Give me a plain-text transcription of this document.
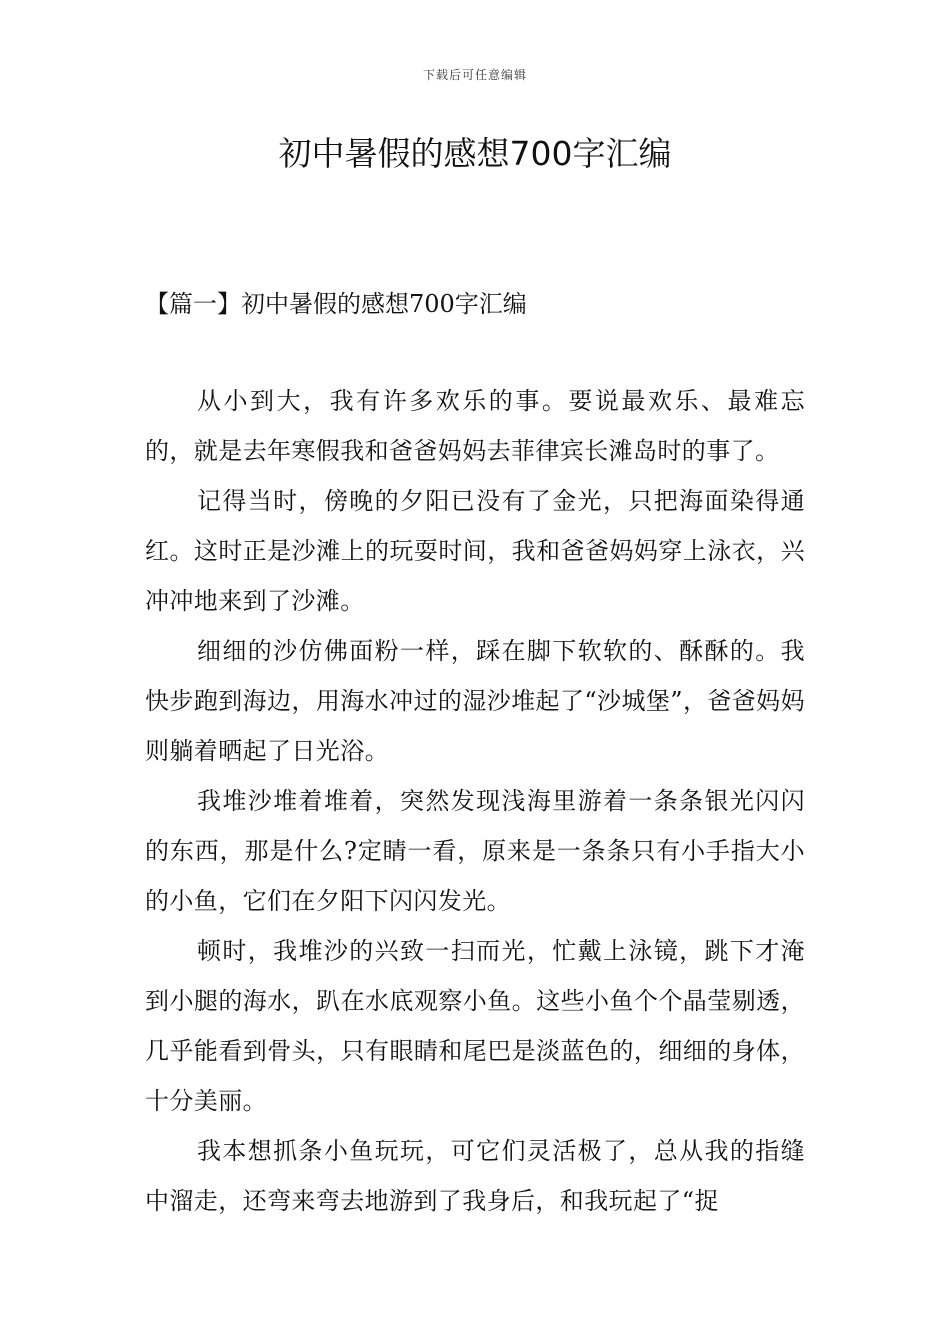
下载后可任意编辑
初中暑假的感想700字汇编
【篇一】初中暑假的感想700字汇编

从小到大，我有许多欢乐的事。要说最欢乐、最难忘的，就是去年寒假我和爸爸妈妈去菲律宾长滩岛时的事了。

记得当时，傍晚的夕阳已没有了金光，只把海面染得通红。这时正是沙滩上的玩耍时间，我和爸爸妈妈穿上泳衣，兴冲冲地来到了沙滩。

细细的沙仿佛面粉一样，踩在脚下软软的、酥酥的。我快步跑到海边，用海水冲过的湿沙堆起了“沙城堡”，爸爸妈妈则躺着晒起了日光浴。

我堆沙堆着堆着，突然发现浅海里游着一条条银光闪闪的东西，那是什么?定睛一看，原来是一条条只有小手指大小的小鱼，它们在夕阳下闪闪发光。

顿时，我堆沙的兴致一扫而光，忙戴上泳镜，跳下才淹到小腿的海水，趴在水底观察小鱼。这些小鱼个个晶莹剔透，几乎能看到骨头，只有眼睛和尾巴是淡蓝色的，细细的身体，十分美丽。

我本想抓条小鱼玩玩，可它们灵活极了，总从我的指缝中溜走，还弯来弯去地游到了我身后，和我玩起了“捉
